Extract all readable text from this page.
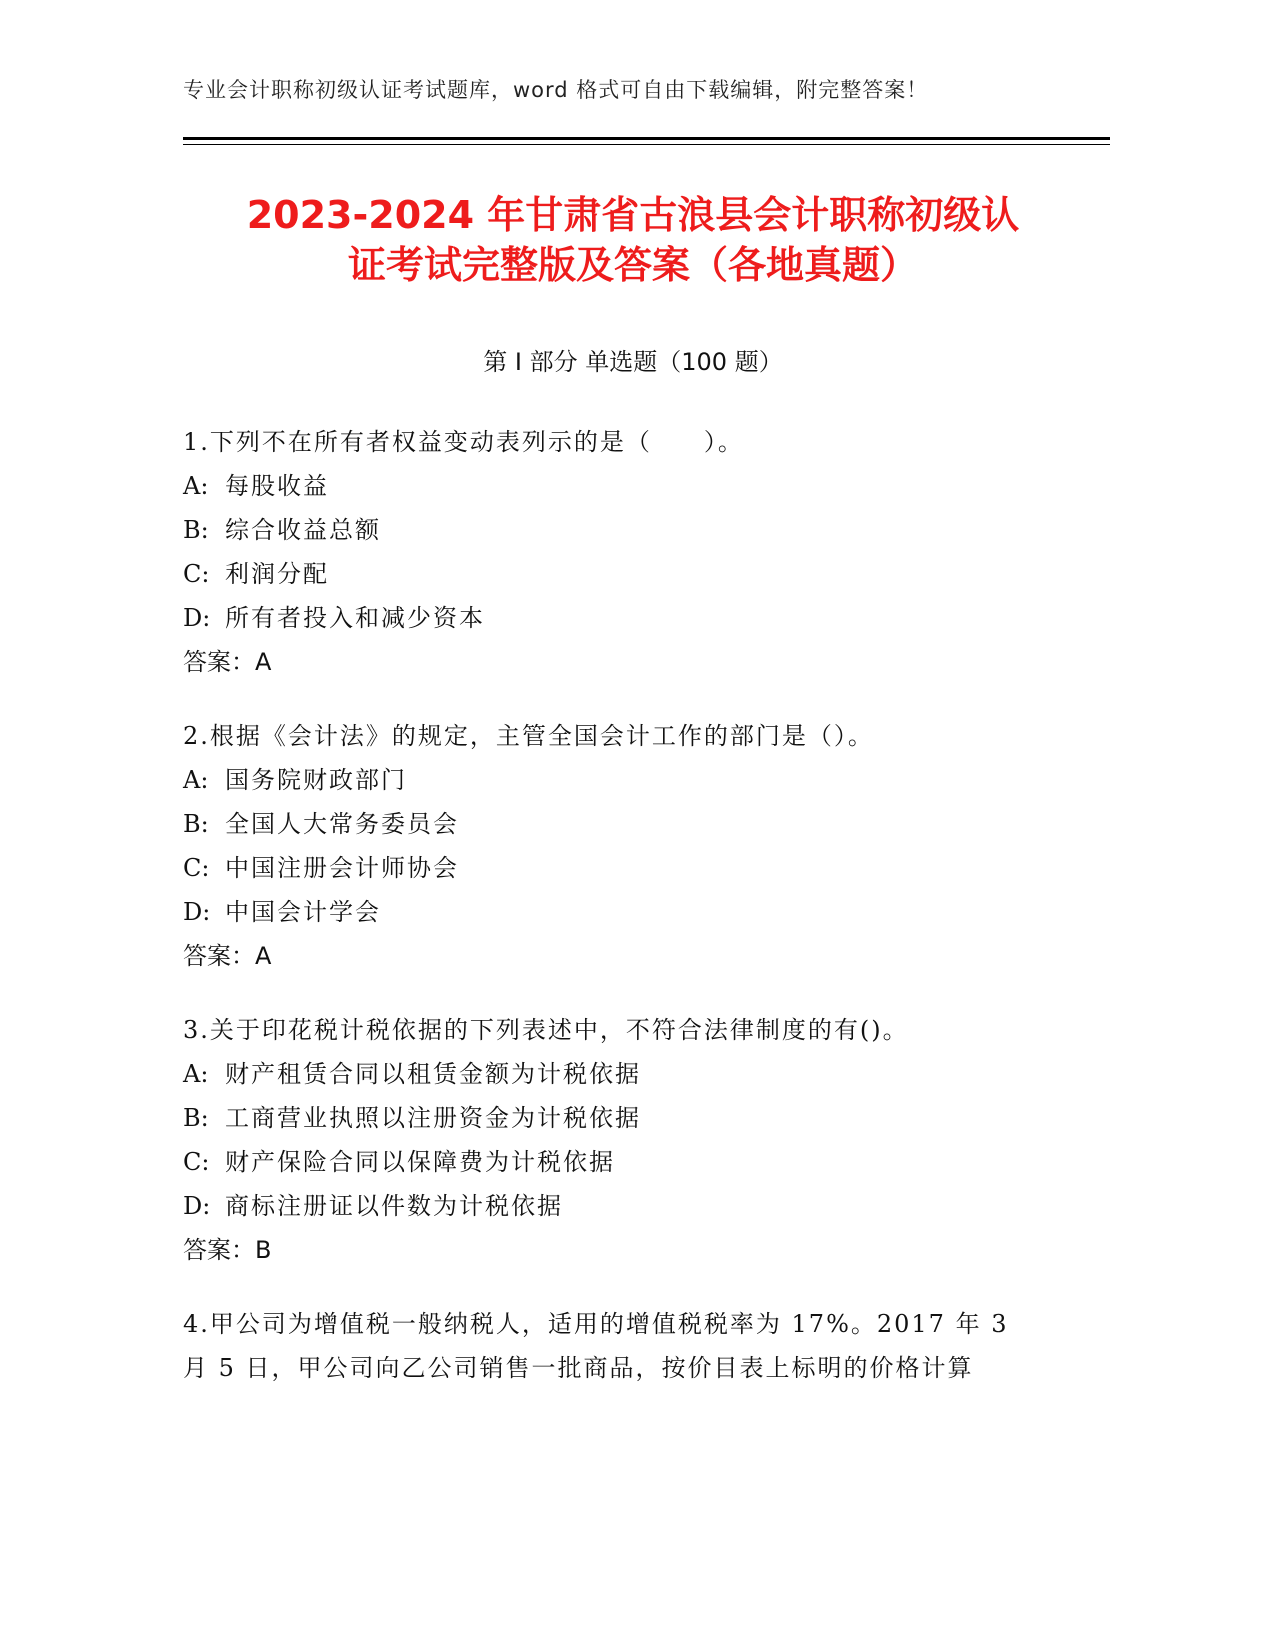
专业会计职称初级认证考试题库，word 格式可自由下载编辑，附完整答案！
2023-2024 年甘肃省古浪县会计职称初级认
证考试完整版及答案（各地真题）
第 I 部分 单选题（100 题）
1.下列不在所有者权益变动表列示的是（　　）。
A: 每股收益
B: 综合收益总额
C: 利润分配
D: 所有者投入和减少资本
答案：A
2.根据《会计法》的规定，主管全国会计工作的部门是（）。
A: 国务院财政部门
B: 全国人大常务委员会
C: 中国注册会计师协会
D: 中国会计学会
答案：A
3.关于印花税计税依据的下列表述中，不符合法律制度的有()。
A: 财产租赁合同以租赁金额为计税依据
B: 工商营业执照以注册资金为计税依据
C: 财产保险合同以保障费为计税依据
D: 商标注册证以件数为计税依据
答案：B
4.甲公司为增值税一般纳税人，适用的增值税税率为 17%。2017 年 3
月 5 日，甲公司向乙公司销售一批商品，按价目表上标明的价格计算
